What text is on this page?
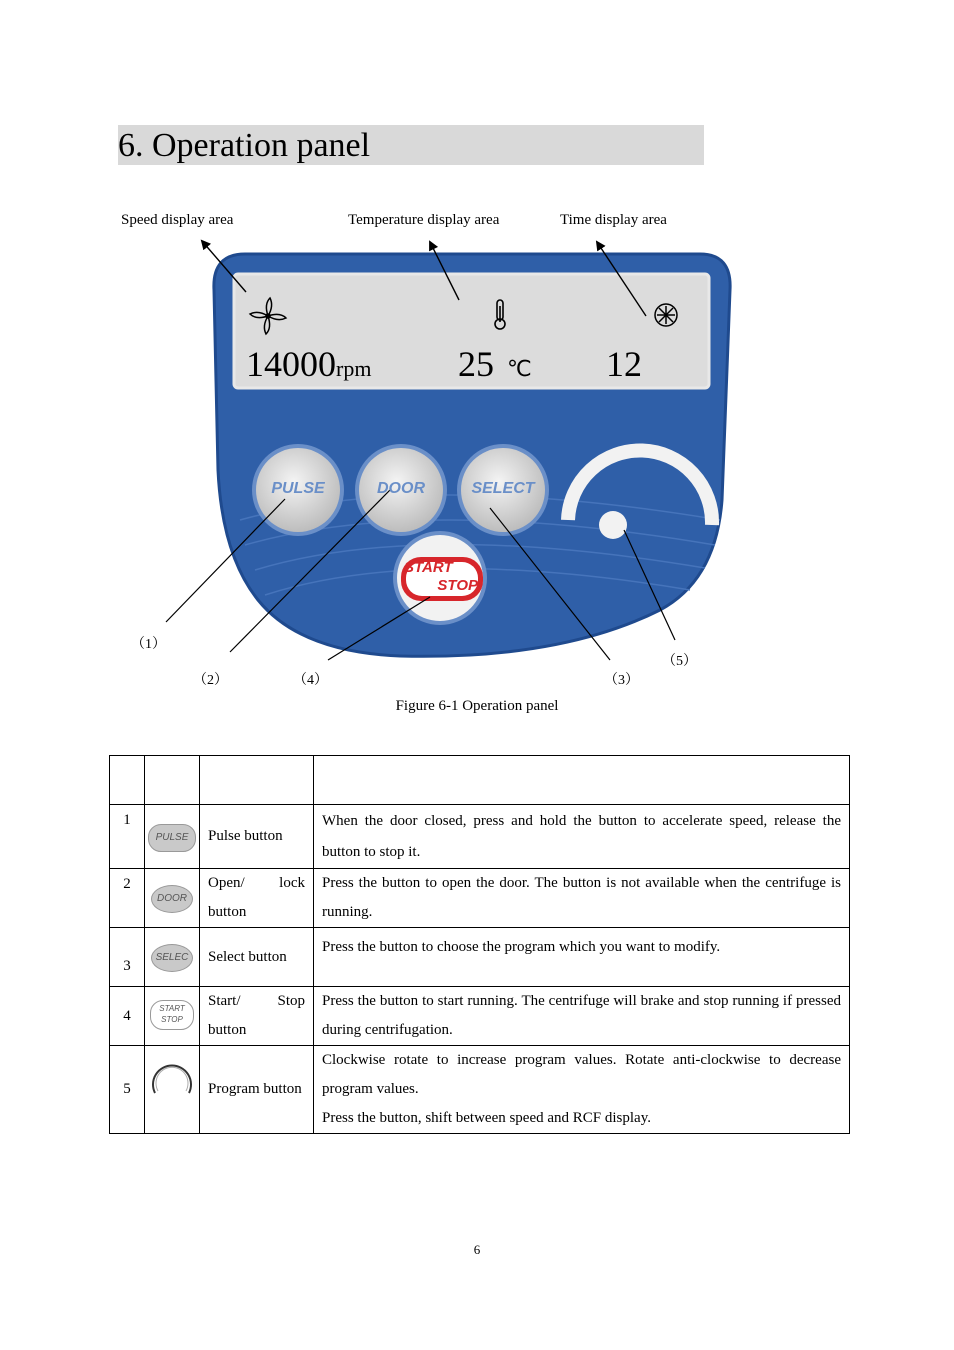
6. Operation panel
Speed display area	Temperature display area	Time display area
14000rpm 25 ℃ 12
PULSE	DOOR	SELECT
START
STOP
（1）
（2）	（4）	（3）
（5）
Figure 6-1 Operation panel

1	PULSE	Pulse button	When the door closed, press and hold the button to accelerate speed, release the button to stop it.
2	DOOR	Open/ lock button	Press the button to open the door. The button is not available when the centrifuge is running.
3	SELEC	Select button	Press the button to choose the program which you want to modify.
4	START STOP	Start/ Stop button	Press the button to start running. The centrifuge will brake and stop running if pressed during centrifugation.
5		Program button	Clockwise rotate to increase program values. Rotate anti-clockwise to decrease program values.
Press the button, shift between speed and RCF display.
6
